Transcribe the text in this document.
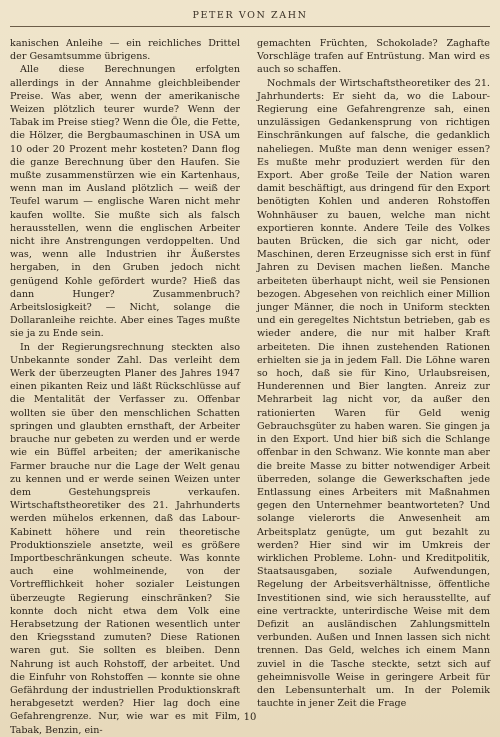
PETER VON ZAHN

kanischen Anleihe — ein reichliches Drittel der Gesamtsumme übrigens.

Alle diese Berechnungen erfolgten allerdings in der Annahme gleichbleibender Preise. Was aber, wenn der amerikanische Weizen plötzlich teurer wurde? Wenn der Tabak im Preise stieg? Wenn die Öle, die Fette, die Hölzer, die Bergbaumaschinen in USA um 10 oder 20 Prozent mehr kosteten? Dann flog die ganze Berechnung über den Haufen. Sie mußte zusammenstürzen wie ein Kartenhaus, wenn man im Ausland plötzlich — weiß der Teufel warum — englische Waren nicht mehr kaufen wollte. Sie mußte sich als falsch herausstellen, wenn die englischen Arbeiter nicht ihre Anstrengungen verdoppelten. Und was, wenn alle Industrien ihr Äußerstes hergaben, in den Gruben jedoch nicht genügend Kohle gefördert wurde? Hieß das dann Hunger? Zusammenbruch? Arbeitslosigkeit? — Nicht, solange die Dollaranleihe reichte. Aber eines Tages mußte sie ja zu Ende sein.

In der Regierungsrechnung steckten also Unbekannte sonder Zahl. Das verleiht dem Werk der überzeugten Planer des Jahres 1947 einen pikanten Reiz und läßt Rückschlüsse auf die Mentalität der Verfasser zu. Offenbar wollten sie über den menschlichen Schatten springen und glaubten ernsthaft, der Arbeiter brauche nur gebeten zu werden und er werde wie ein Büffel arbeiten; der amerikanische Farmer brauche nur die Lage der Welt genau zu kennen und er werde seinen Weizen unter dem Gestehungspreis verkaufen. Wirtschaftstheoretiker des 21. Jahrhunderts werden mühelos erkennen, daß das Labour-Kabinett höhere und rein theoretische Produktionsziele ansetzte, weil es größere Importbeschränkungen scheute. Was konnte auch eine wohlmeinende, von der Vortrefflichkeit hoher sozialer Leistungen überzeugte Regierung einschränken? Sie konnte doch nicht etwa dem Volk eine Herabsetzung der Rationen wesentlich unter den Kriegsstand zumuten? Diese Rationen waren gut. Sie sollten es bleiben. Denn Nahrung ist auch Rohstoff, der arbeitet. Und die Einfuhr von Rohstoffen — konnte sie ohne Gefährdung der industriellen Produktionskraft herabgesetzt werden? Hier lag doch eine Gefahrengrenze. Nur, wie war es mit Film, Tabak, Benzin, ein-

gemachten Früchten, Schokolade? Zaghafte Vorschläge trafen auf Entrüstung. Man wird es auch so schaffen.

Nochmals der Wirtschaftstheoretiker des 21. Jahrhunderts: Er sieht da, wo die Labour-Regierung eine Gefahrengrenze sah, einen unzulässigen Gedankensprung von richtigen Einschränkungen auf falsche, die gedanklich naheliegen. Mußte man denn weniger essen? Es mußte mehr produziert werden für den Export. Aber große Teile der Nation waren damit beschäftigt, aus dringend für den Export benötigten Kohlen und anderen Rohstoffen Wohnhäuser zu bauen, welche man nicht exportieren konnte. Andere Teile des Volkes bauten Brücken, die sich gar nicht, oder Maschinen, deren Erzeugnisse sich erst in fünf Jahren zu Devisen machen ließen. Manche arbeiteten überhaupt nicht, weil sie Pensionen bezogen. Abgesehen von reichlich einer Million junger Männer, die noch in Uniform steckten und ein geregeltes Nichtstun betrieben, gab es wieder andere, die nur mit halber Kraft arbeiteten. Die ihnen zustehenden Rationen erhielten sie ja in jedem Fall. Die Löhne waren so hoch, daß sie für Kino, Urlaubsreisen, Hunderennen und Bier langten. Anreiz zur Mehrarbeit lag nicht vor, da außer den rationierten Waren für Geld wenig Gebrauchsgüter zu haben waren. Sie gingen ja in den Export. Und hier biß sich die Schlange offenbar in den Schwanz. Wie konnte man aber die breite Masse zu bitter notwendiger Arbeit überreden, solange die Gewerkschaften jede Entlassung eines Arbeiters mit Maßnahmen gegen den Unternehmer beantworteten? Und solange vielerorts die Anwesenheit am Arbeitsplatz genügte, um gut bezahlt zu werden? Hier sind wir im Umkreis der wirklichen Probleme. Lohn- und Kreditpolitik, Staatsausgaben, soziale Aufwendungen, Regelung der Arbeitsverhältnisse, öffentliche Investitionen sind, wie sich herausstellte, auf eine vertrackte, unterirdische Weise mit dem Defizit an ausländischen Zahlungsmitteln verbunden. Außen und Innen lassen sich nicht trennen. Das Geld, welches ich einem Mann zuviel in die Tasche steckte, setzt sich auf geheimnisvolle Weise in geringere Arbeit für den Lebensunterhalt um. In der Polemik tauchte in jener Zeit die Frage

10
